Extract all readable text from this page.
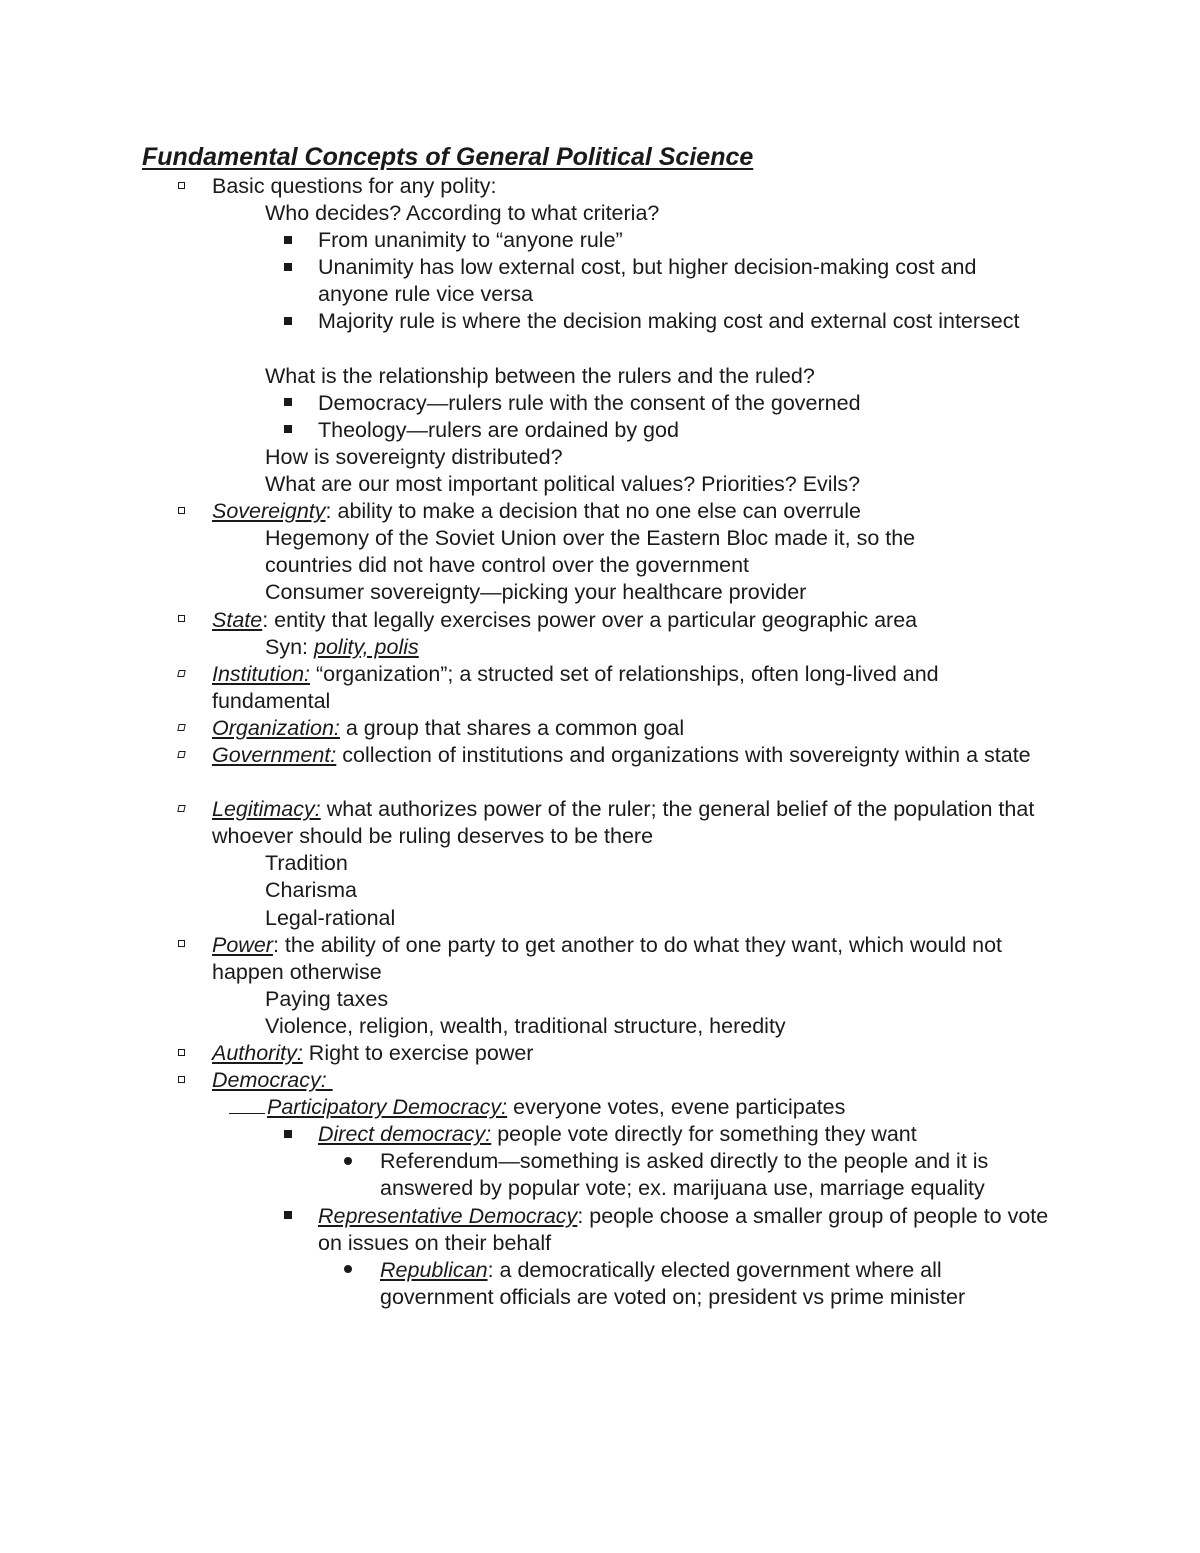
Fundamental Concepts of General Political Science
Basic questions for any polity:
Who decides? According to what criteria?
From unanimity to “anyone rule”
Unanimity has low external cost, but higher decision-making cost and anyone rule vice versa
Majority rule is where the decision making cost and external cost intersect
What is the relationship between the rulers and the ruled?
Democracy—rulers rule with the consent of the governed
Theology—rulers are ordained by god
How is sovereignty distributed?
What are our most important political values? Priorities? Evils?
Sovereignty: ability to make a decision that no one else can overrule
Hegemony of the Soviet Union over the Eastern Bloc made it, so the
countries did not have control over the government
Consumer sovereignty—picking your healthcare provider
State: entity that legally exercises power over a particular geographic area
Syn: polity, polis
Institution: “organization”; a structed set of relationships, often long-lived and fundamental
Organization: a group that shares a common goal
Government: collection of institutions and organizations with sovereignty within a state
Legitimacy: what authorizes power of the ruler; the general belief of the population that whoever should be ruling deserves to be there
Tradition
Charisma
Legal-rational
Power: the ability of one party to get another to do what they want, which would not happen otherwise
Paying taxes
Violence, religion, wealth, traditional structure, heredity
Authority: Right to exercise power
Democracy:
Participatory Democracy: everyone votes, evene participates
Direct democracy: people vote directly for something they want
Referendum—something is asked directly to the people and it is answered by popular vote; ex. marijuana use, marriage equality
Representative Democracy: people choose a smaller group of people to vote on issues on their behalf
Republican: a democratically elected government where all government officials are voted on; president vs prime minister
